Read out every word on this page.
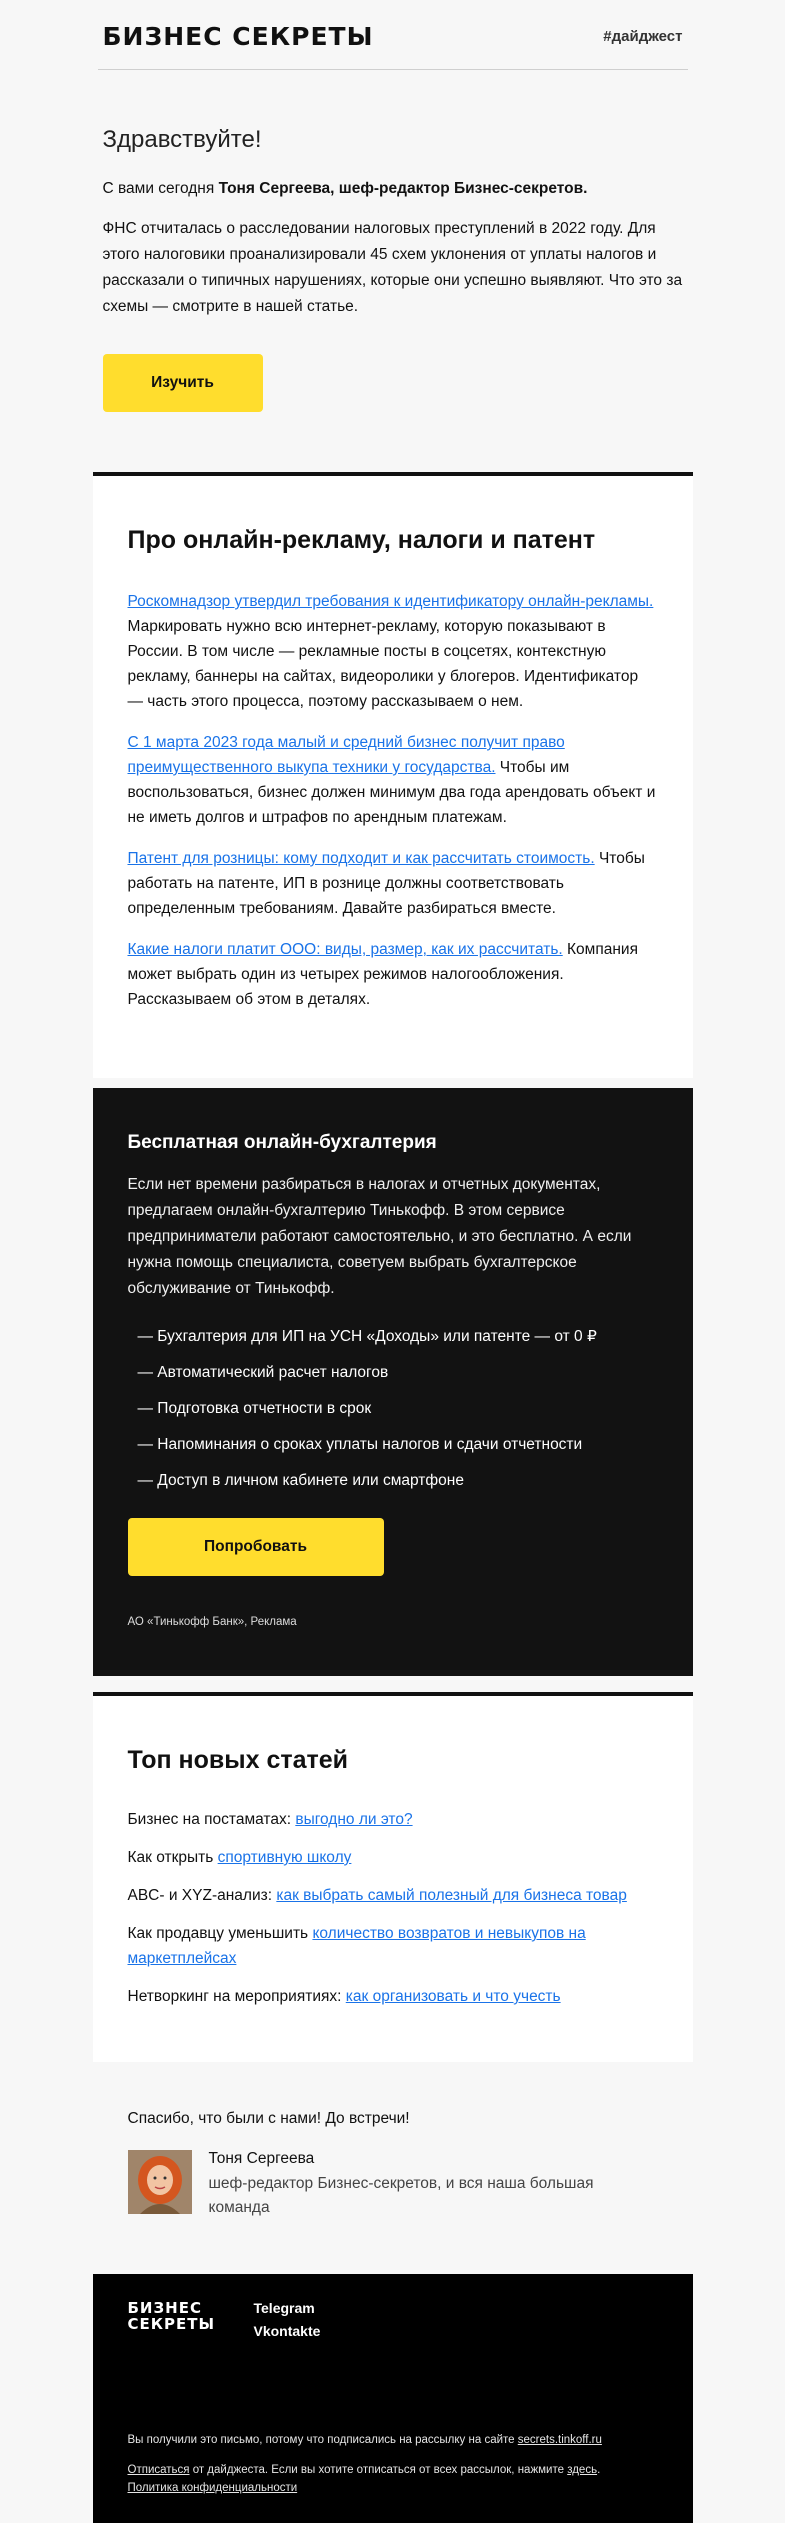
БИЗНЕС СЕКРЕТЫ	#дайджест
Здравствуйте!

С вами сегодня Тоня Сергеева, шеф-редактор Бизнес-секретов.

ФНС отчиталась о расследовании налоговых преступлений в 2022 году. Для этого налоговики проанализировали 45 схем уклонения от уплаты налогов и рассказали о типичных нарушениях, которые они успешно выявляют. Что это за схемы — смотрите в нашей статье.

Изучить
Про онлайн-рекламу, налоги и патент
Роскомнадзор утвердил требования к идентификатору онлайн-рекламы. Маркировать нужно всю интернет-рекламу, которую показывают в России. В том числе — рекламные посты в соцсетях, контекстную рекламу, баннеры на сайтах, видеоролики у блогеров. Идентификатор — часть этого процесса, поэтому рассказываем о нем.
С 1 марта 2023 года малый и средний бизнес получит право преимущественного выкупа техники у государства. Чтобы им воспользоваться, бизнес должен минимум два года арендовать объект и не иметь долгов и штрафов по арендным платежам.
Патент для розницы: кому подходит и как рассчитать стоимость. Чтобы работать на патенте, ИП в рознице должны соответствовать определенным требованиям. Давайте разбираться вместе.
Какие налоги платит ООО: виды, размер, как их рассчитать. Компания может выбрать один из четырех режимов налогообложения. Рассказываем об этом в деталях.
Бесплатная онлайн-бухгалтерия

Если нет времени разбираться в налогах и отчетных документах, предлагаем онлайн-бухгалтерию Тинькофф. В этом сервисе предприниматели работают самостоятельно, и это бесплатно. А если нужна помощь специалиста, советуем выбрать бухгалтерское обслуживание от Тинькофф.

— Бухгалтерия для ИП на УСН «Доходы» или патенте — от 0 ₽
— Автоматический расчет налогов
— Подготовка отчетности в срок
— Напоминания о сроках уплаты налогов и сдачи отчетности
— Доступ в личном кабинете или смартфоне
Попробовать
АО «Тинькофф Банк», Реклама
Топ новых статей
Бизнес на постаматах: выгодно ли это?
Как открыть спортивную школу
ABC- и XYZ-анализ: как выбрать самый полезный для бизнеса товар
Как продавцу уменьшить количество возвратов и невыкупов на маркетплейсах
Нетворкинг на мероприятиях: как организовать и что учесть
Спасибо, что были с нами! До встречи!
Тоня Сергеева
шеф-редактор Бизнес-секретов, и вся наша большая команда
БИЗНЕС
СЕКРЕТЫ
Telegram
Vkontakte
Вы получили это письмо, потому что подписались на рассылку на сайте secrets.tinkoff.ru
Отписаться от дайджеста. Если вы хотите отписаться от всех рассылок, нажмите здесь.
Политика конфиденциальности
